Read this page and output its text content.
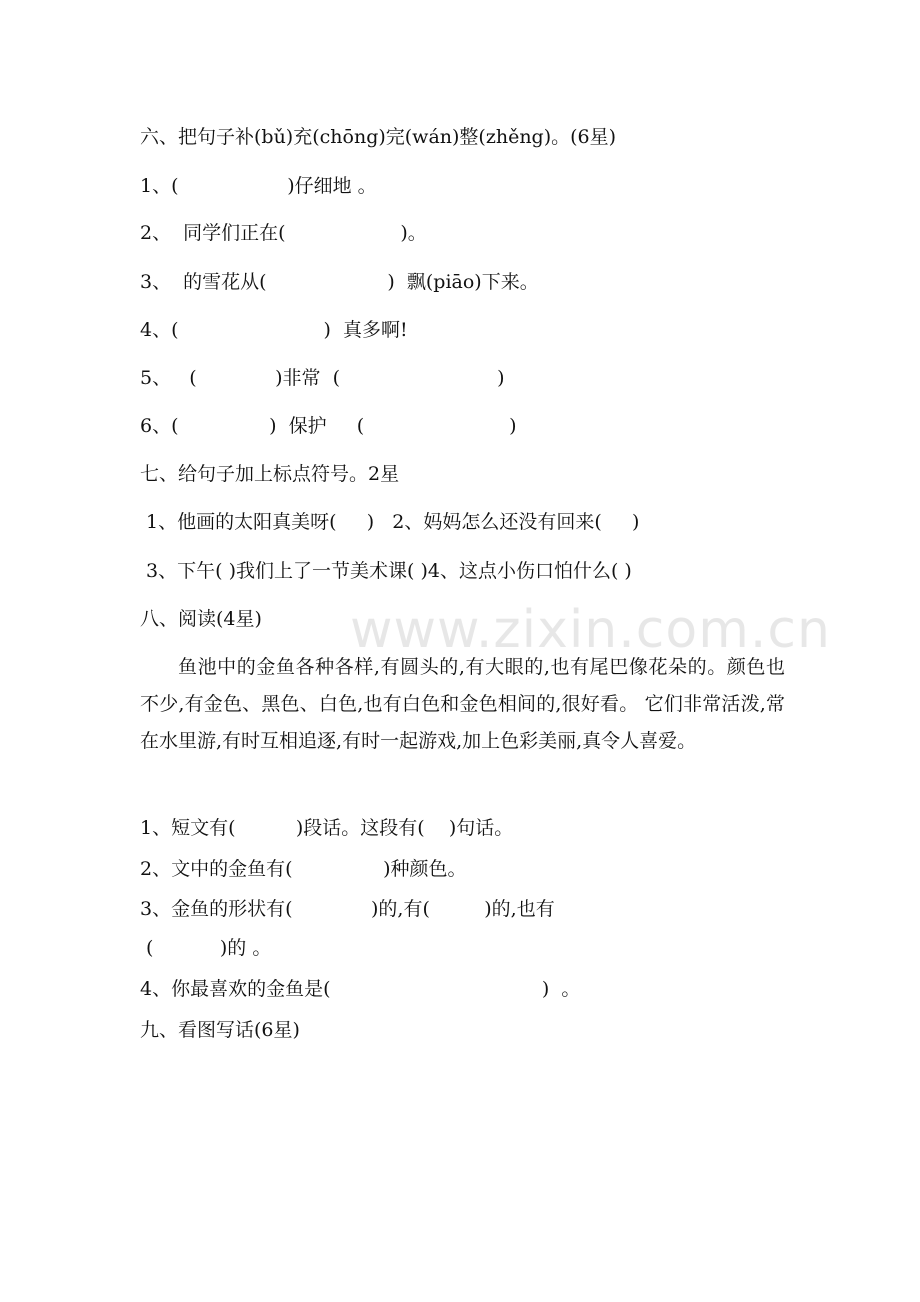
www.zixin.com.cn
六、把句子补(bǔ)充(chōng)完(wán)整(zhěng)。(6星)
1、(                  )仔细地 。
2、  同学们正在(                   )。
3、  的雪花从(                    )  飘(piāo)下来。
4、(                        )  真多啊!
5、   (             )非常  (                          )
6、(               )  保护     (                        )
七、给句子加上标点符号。2星
1、他画的太阳真美呀(     )   2、妈妈怎么还没有回来(     )
3、下午( )我们上了一节美术课( )4、这点小伤口怕什么( )
八、阅读(4星)
鱼池中的金鱼各种各样,有圆头的,有大眼的,也有尾巴像花朵的。颜色也不少,有金色、黑色、白色,也有白色和金色相间的,很好看。 它们非常活泼,常在水里游,有时互相追逐,有时一起游戏,加上色彩美丽,真令人喜爱。
1、短文有(          )段话。这段有(    )句话。
2、文中的金鱼有(               )种颜色。
3、金鱼的形状有(             )的,有(         )的,也有
(           )的 。
4、你最喜欢的金鱼是(                                   )  。
九、看图写话(6星)
